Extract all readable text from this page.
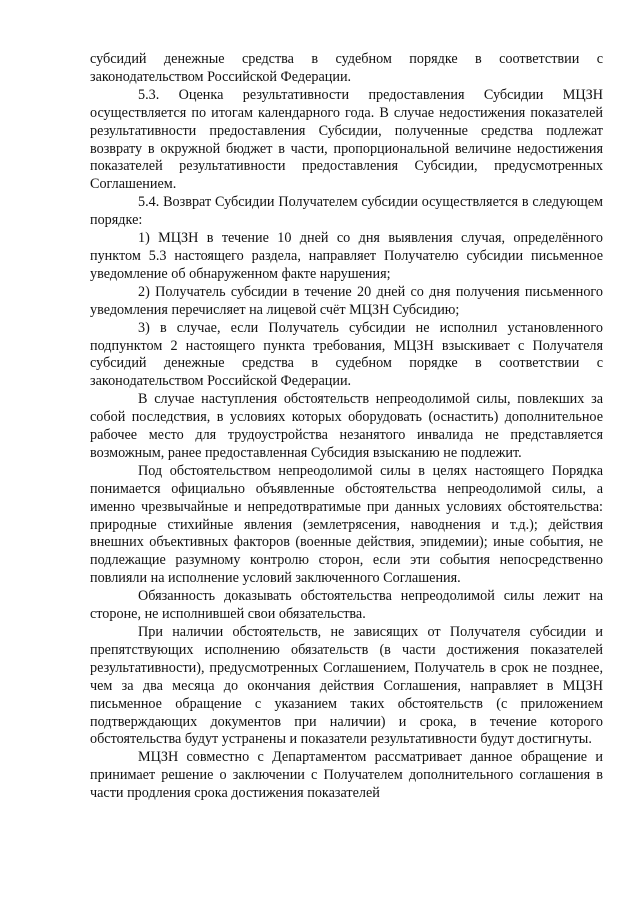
субсидий денежные средства в судебном порядке в соответствии с законодательством Российской Федерации.

5.3. Оценка результативности предоставления Субсидии МЦЗН осуществляется по итогам календарного года. В случае недостижения показателей результативности предоставления Субсидии, полученные средства подлежат возврату в окружной бюджет в части, пропорциональной величине недостижения показателей результативности предоставления Субсидии, предусмотренных Соглашением.

5.4. Возврат Субсидии Получателем субсидии осуществляется в следующем порядке:

1) МЦЗН в течение 10 дней со дня выявления случая, определённого пунктом 5.3 настоящего раздела, направляет Получателю субсидии письменное уведомление об обнаруженном факте нарушения;

2) Получатель субсидии в течение 20 дней со дня получения письменного уведомления перечисляет на лицевой счёт МЦЗН Субсидию;

3) в случае, если Получатель субсидии не исполнил установленного подпунктом 2 настоящего пункта требования, МЦЗН взыскивает с Получателя субсидий денежные средства в судебном порядке в соответствии с законодательством Российской Федерации.

В случае наступления обстоятельств непреодолимой силы, повлекших за собой последствия, в условиях которых оборудовать (оснастить) дополнительное рабочее место для трудоустройства незанятого инвалида не представляется возможным, ранее предоставленная Субсидия взысканию не подлежит.

Под обстоятельством непреодолимой силы в целях настоящего Порядка понимается официально объявленные обстоятельства непреодолимой силы, а именно чрезвычайные и непредотвратимые при данных условиях обстоятельства: природные стихийные явления (землетрясения, наводнения и т.д.); действия внешних объективных факторов (военные действия, эпидемии); иные события, не подлежащие разумному контролю сторон, если эти события непосредственно повлияли на исполнение условий заключенного Соглашения.

Обязанность доказывать обстоятельства непреодолимой силы лежит на стороне, не исполнившей свои обязательства.

При наличии обстоятельств, не зависящих от Получателя субсидии и препятствующих исполнению обязательств (в части достижения показателей результативности), предусмотренных Соглашением, Получатель в срок не позднее, чем за два месяца до окончания действия Соглашения, направляет в МЦЗН письменное обращение с указанием таких обстоятельств (с приложением подтверждающих документов при наличии) и срока, в течение которого обстоятельства будут устранены и показатели результативности будут достигнуты.

МЦЗН совместно с Департаментом рассматривает данное обращение и принимает решение о заключении с Получателем дополнительного соглашения в части продления срока достижения показателей
